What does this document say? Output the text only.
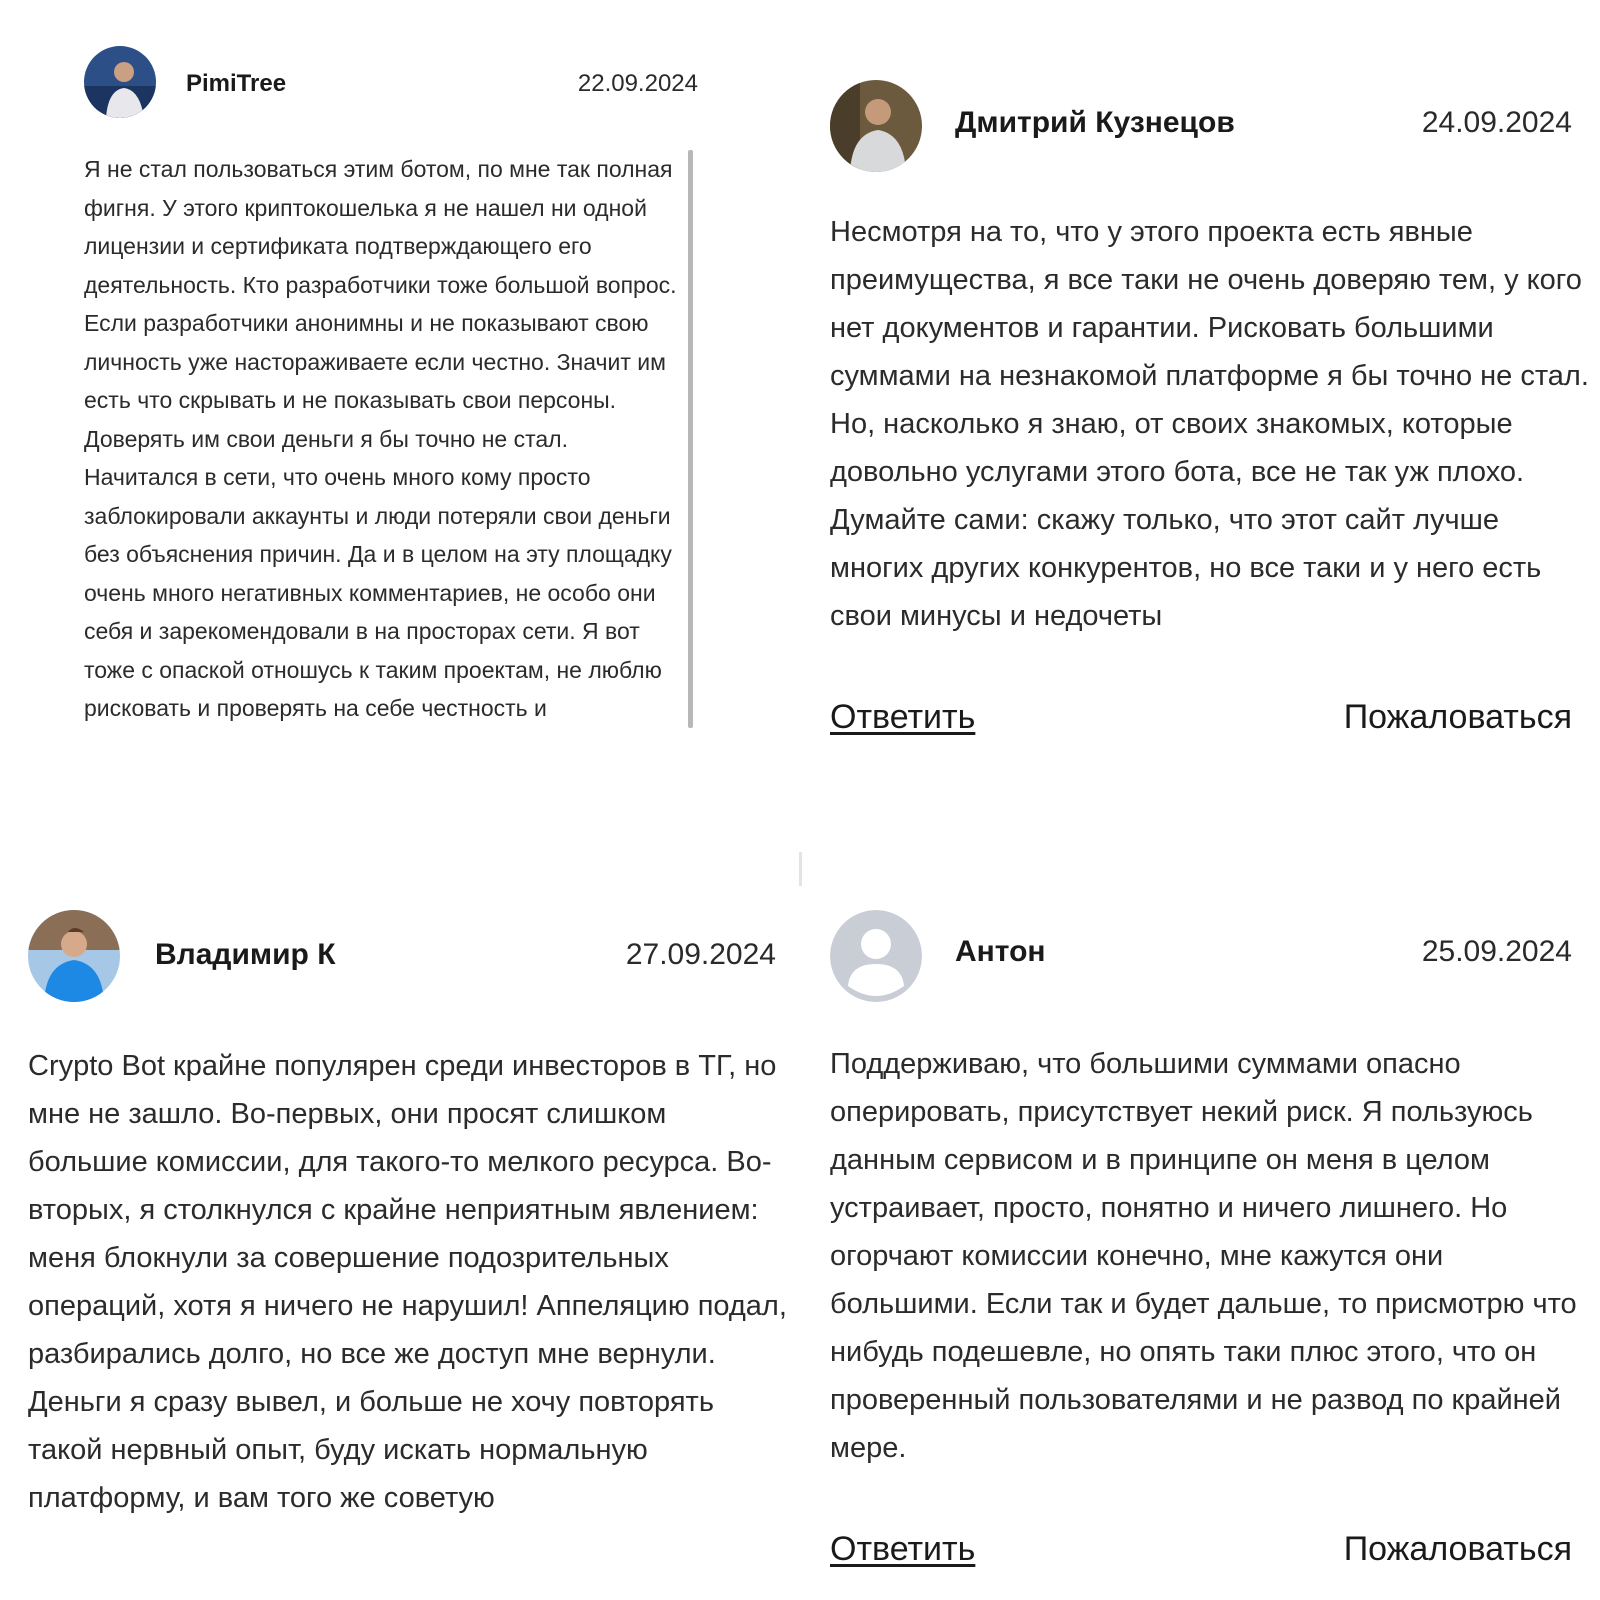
PimiTree	22.09.2024
Я не стал пользоваться этим ботом, по мне так полная фигня. У этого криптокошелька я не нашел ни одной лицензии и сертификата подтверждающего его деятельность. Кто разработчики тоже большой вопрос. Если разработчики анонимны и не показывают свою личность уже настораживаете если честно. Значит им есть что скрывать и не показывать свои персоны. Доверять им свои деньги я бы точно не стал. Начитался в сети, что очень много кому просто заблокировали аккаунты и люди потеряли свои деньги без объяснения причин. Да и в целом на эту площадку очень много негативных комментариев, не особо они себя и зарекомендовали в на просторах сети. Я вот тоже с опаской отношусь к таким проектам, не люблю рисковать и проверять на себе честность и
Дмитрий Кузнецов	24.09.2024
Несмотря на то, что у этого проекта есть явные преимущества, я все таки не очень доверяю тем, у кого нет документов и гарантии. Рисковать большими суммами на незнакомой платформе я бы точно не стал. Но, насколько я знаю, от своих знакомых, которые довольно услугами этого бота, все не так уж плохо. Думайте сами: скажу только, что этот сайт лучше многих других конкурентов, но все таки и у него есть свои минусы и недочеты
Ответить	Пожаловаться
Владимир К	27.09.2024
Crypto Bot крайне популярен среди инвесторов в ТГ, но мне не зашло. Во-первых, они просят слишком большие комиссии, для такого-то мелкого ресурса. Во-вторых, я столкнулся с крайне неприятным явлением: меня блокнули за совершение подозрительных операций, хотя я ничего не нарушил! Аппеляцию подал, разбирались долго, но все же доступ мне вернули. Деньги я сразу вывел, и больше не хочу повторять такой нервный опыт, буду искать нормальную платформу, и вам того же советую
Антон	25.09.2024
Поддерживаю, что большими суммами опасно оперировать, присутствует некий риск. Я пользуюсь данным сервисом и в принципе он меня в целом устраивает, просто, понятно и ничего лишнего. Но огорчают комиссии конечно, мне кажутся они большими. Если так и будет дальше, то присмотрю что нибудь подешевле, но опять таки плюс этого, что он проверенный пользователями и не развод по крайней мере.
Ответить	Пожаловаться
